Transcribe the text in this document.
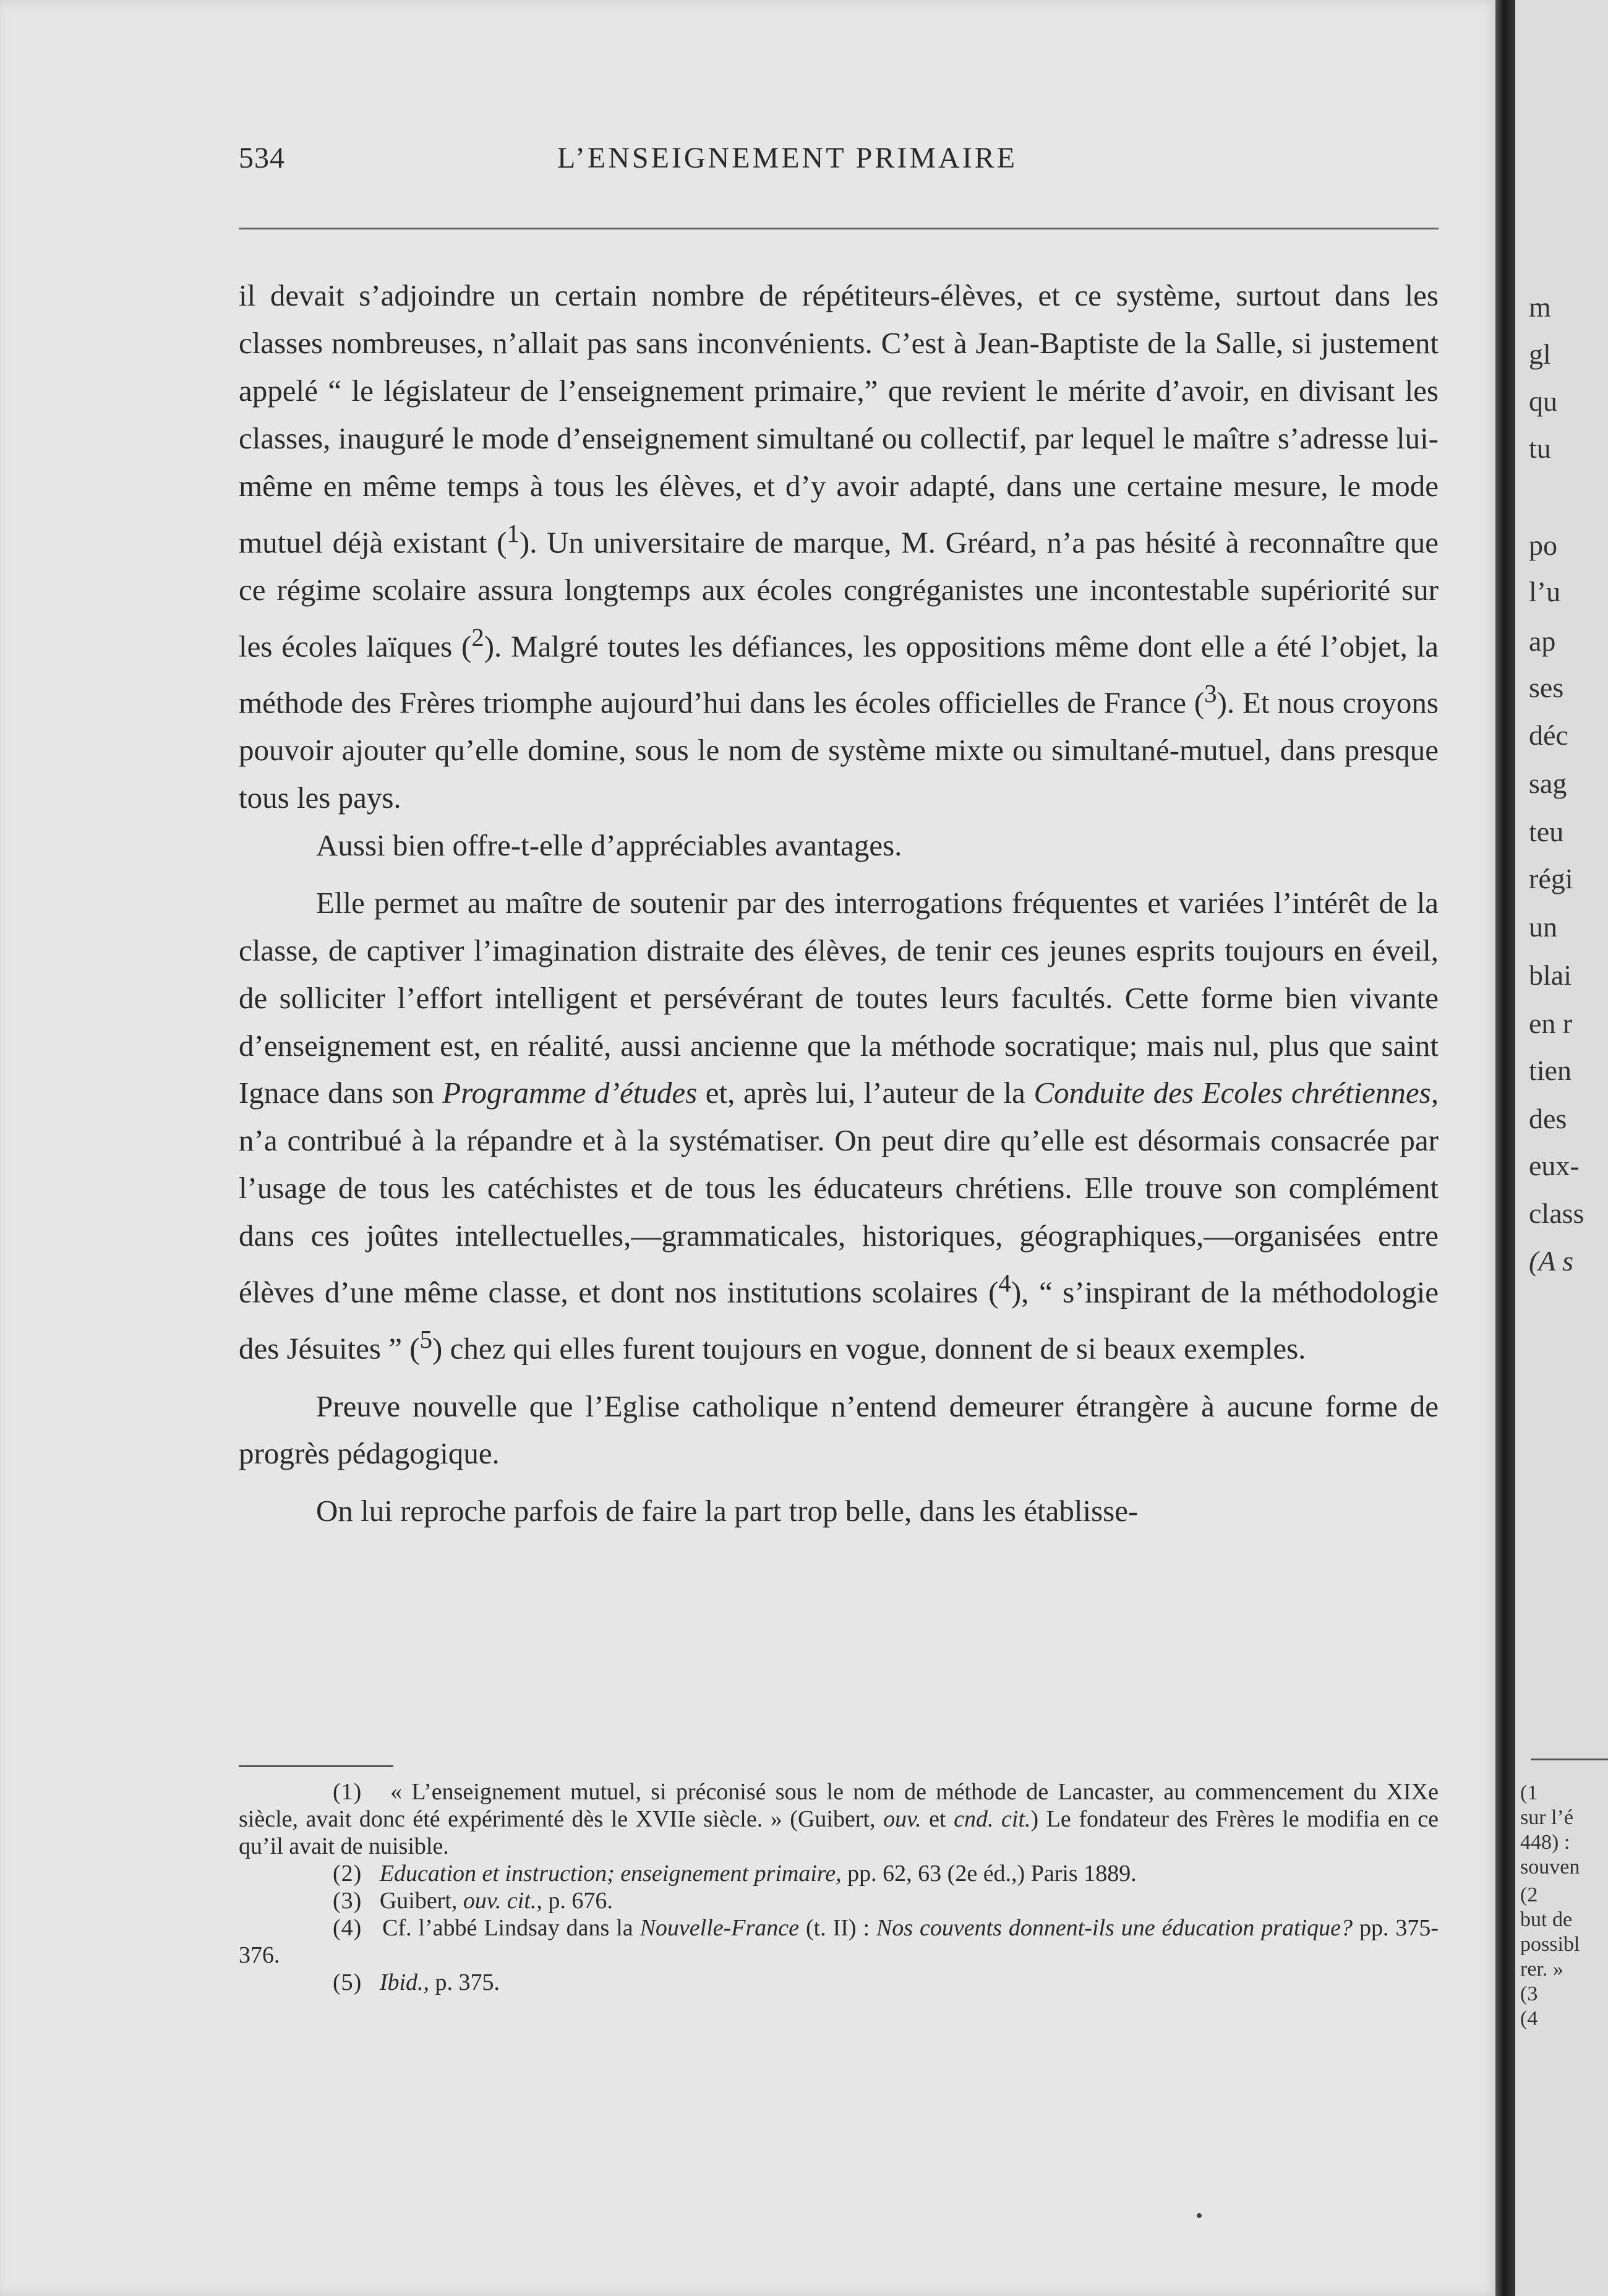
534	L’ENSEIGNEMENT PRIMAIRE

il devait s’adjoindre un certain nombre de répétiteurs-élèves, et ce système, surtout dans les classes nombreuses, n’allait pas sans inconvénients. C’est à Jean-Baptiste de la Salle, si justement appelé “ le législateur de l’enseignement primaire,” que revient le mérite d’avoir, en divisant les classes, inauguré le mode d’enseignement simultané ou collectif, par lequel le maître s’adresse lui-même en même temps à tous les élèves, et d’y avoir adapté, dans une certaine mesure, le mode mutuel déjà existant ($^1$). Un universitaire de marque, M. Gréard, n’a pas hésité à reconnaître que ce régime scolaire assura longtemps aux écoles congréganistes une incontestable supériorité sur les écoles laïques ($^2$). Malgré toutes les défiances, les oppositions même dont elle a été l’objet, la méthode des Frères triomphe aujourd’hui dans les écoles officielles de France ($^3$). Et nous croyons pouvoir ajouter qu’elle domine, sous le nom de système mixte ou simultané-mutuel, dans presque tous les pays.

Aussi bien offre-t-elle d’appréciables avantages.

Elle permet au maître de soutenir par des interrogations fréquentes et variées l’intérêt de la classe, de captiver l’imagination distraite des élèves, de tenir ces jeunes esprits toujours en éveil, de solliciter l’effort intelligent et persévérant de toutes leurs facultés. Cette forme bien vivante d’enseignement est, en réalité, aussi ancienne que la méthode socratique; mais nul, plus que saint Ignace dans son Programme d’études et, après lui, l’auteur de la Conduite des Ecoles chrétiennes, n’a contribué à la répandre et à la systématiser. On peut dire qu’elle est désormais consacrée par l’usage de tous les catéchistes et de tous les éducateurs chrétiens. Elle trouve son complément dans ces joûtes intellectuelles,—grammaticales, historiques, géographiques,—organisées entre élèves d’une même classe, et dont nos institutions scolaires ($^4$), “ s’inspirant de la méthodologie des Jésuites ” ($^5$) chez qui elles furent toujours en vogue, donnent de si beaux exemples.

Preuve nouvelle que l’Eglise catholique n’entend demeurer étrangère à aucune forme de progrès pédagogique.

On lui reproche parfois de faire la part trop belle, dans les établisse-

(1) « L’enseignement mutuel, si préconisé sous le nom de méthode de Lancaster, au commencement du XIXe siècle, avait donc été expérimenté dès le XVIIe siècle. » (Guibert, ouv. et cnd. cit.) Le fondateur des Frères le modifia en ce qu’il avait de nuisible.

(2) Education et instruction; enseignement primaire, pp. 62, 63 (2e éd.,) Paris 1889.

(3) Guibert, ouv. cit., p. 676.

(4) Cf. l’abbé Lindsay dans la Nouvelle-France (t. II) : Nos couvents donnent-ils une éducation pratique? pp. 375-376.

(5) Ibid., p. 375.

m
gl
qu
tu
po
l’u
ap
ses
déc
sag
teu
régi
un
blai
en r
tien
des
eux-
class
(A s
(1
sur l’é
448) :
souven
(2
but de
possibl
rer. »
(3
(4
